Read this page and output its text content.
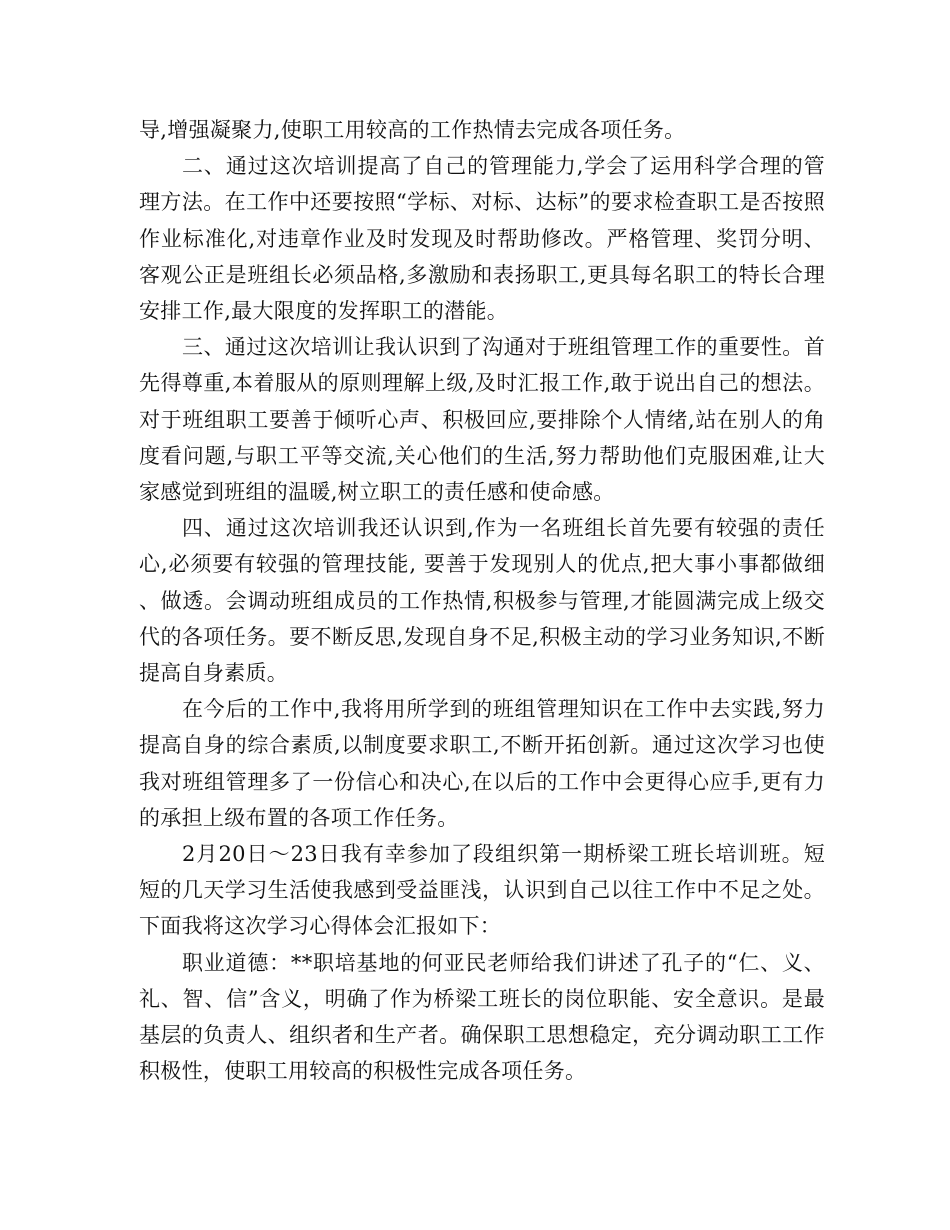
导,增强凝聚力,使职工用较高的工作热情去完成各项任务。

二、通过这次培训提高了自己的管理能力,学会了运用科学合理的管理方法。在工作中还要按照“学标、对标、达标”的要求检查职工是否按照作业标准化,对违章作业及时发现及时帮助修改。严格管理、奖罚分明、客观公正是班组长必须品格,多激励和表扬职工,更具每名职工的特长合理安排工作,最大限度的发挥职工的潜能。

三、通过这次培训让我认识到了沟通对于班组管理工作的重要性。首先得尊重,本着服从的原则理解上级,及时汇报工作,敢于说出自己的想法。对于班组职工要善于倾听心声、积极回应,要排除个人情绪,站在别人的角度看问题,与职工平等交流,关心他们的生活,努力帮助他们克服困难,让大家感觉到班组的温暖,树立职工的责任感和使命感。

四、通过这次培训我还认识到,作为一名班组长首先要有较强的责任心,必须要有较强的管理技能, 要善于发现别人的优点,把大事小事都做细、做透。会调动班组成员的工作热情,积极参与管理,才能圆满完成上级交代的各项任务。要不断反思,发现自身不足,积极主动的学习业务知识,不断提高自身素质。

在今后的工作中,我将用所学到的班组管理知识在工作中去实践,努力提高自身的综合素质,以制度要求职工,不断开拓创新。通过这次学习也使我对班组管理多了一份信心和决心,在以后的工作中会更得心应手,更有力的承担上级布置的各项工作任务。

2月20日～23日我有幸参加了段组织第一期桥梁工班长培训班。短短的几天学习生活使我感到受益匪浅，认识到自己以往工作中不足之处。下面我将这次学习心得体会汇报如下：

职业道德：**职培基地的何亚民老师给我们讲述了孔子的“仁、义、礼、智、信”含义，明确了作为桥梁工班长的岗位职能、安全意识。是最基层的负责人、组织者和生产者。确保职工思想稳定，充分调动职工工作积极性，使职工用较高的积极性完成各项任务。
